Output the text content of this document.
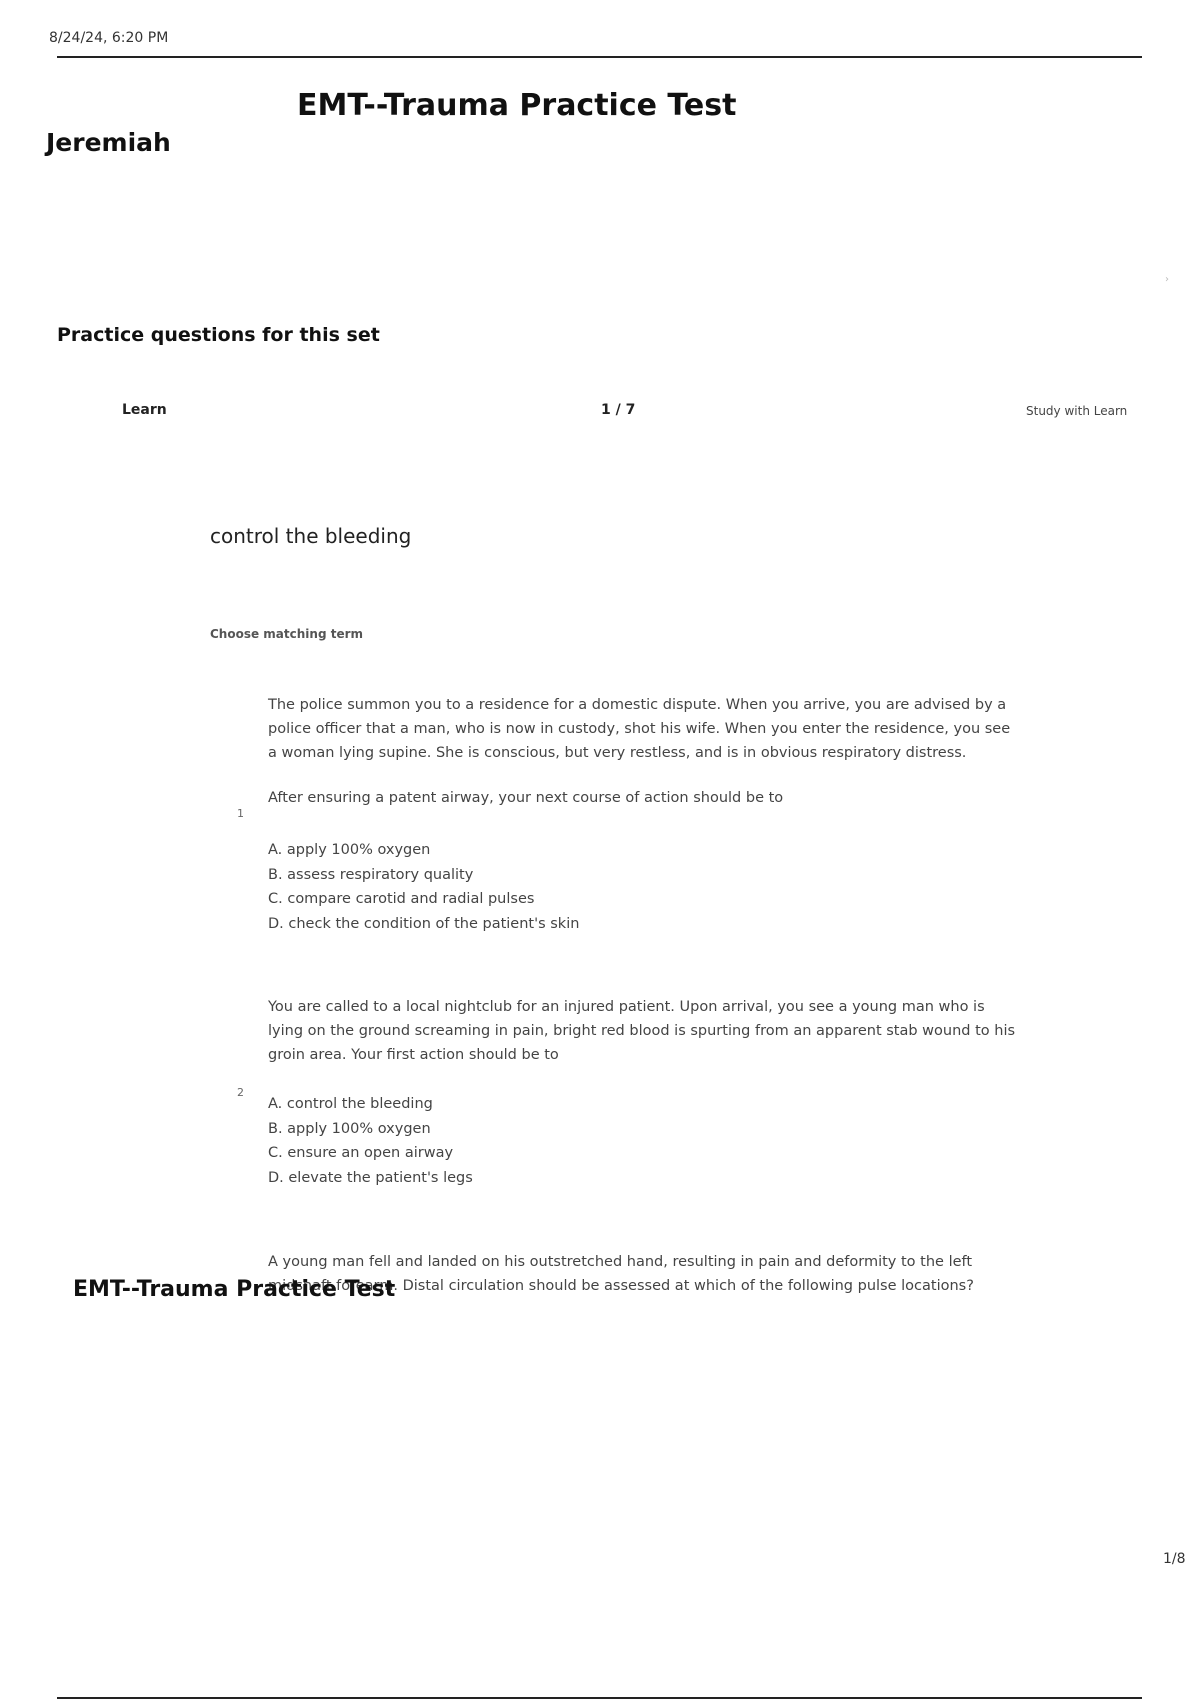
8/24/24, 6:20 PM
EMT--Trauma Practice Test
Jeremiah
›
Practice questions for this set
Learn	1 / 7	Study with Learn
control the bleeding
Choose matching term

The police summon you to a residence for a domestic dispute. When you arrive, you are advised by a police officer that a man, who is now in custody, shot his wife. When you enter the residence, you see a woman lying supine. She is conscious, but very restless, and is in obvious respiratory distress.

After ensuring a patent airway, your next course of action should be to
1
A. apply 100% oxygen
B. assess respiratory quality
C. compare carotid and radial pulses
D. check the condition of the patient's skin

You are called to a local nightclub for an injured patient. Upon arrival, you see a young man who is lying on the ground screaming in pain, bright red blood is spurting from an apparent stab wound to his groin area. Your first action should be to

2
A. control the bleeding
B. apply 100% oxygen
C. ensure an open airway
D. elevate the patient's legs

A young man fell and landed on his outstretched hand, resulting in pain and deformity to the left midshaft forearm. Distal circulation should be assessed at which of the following pulse locations?

EMT--Trauma Practice Test
1/8
